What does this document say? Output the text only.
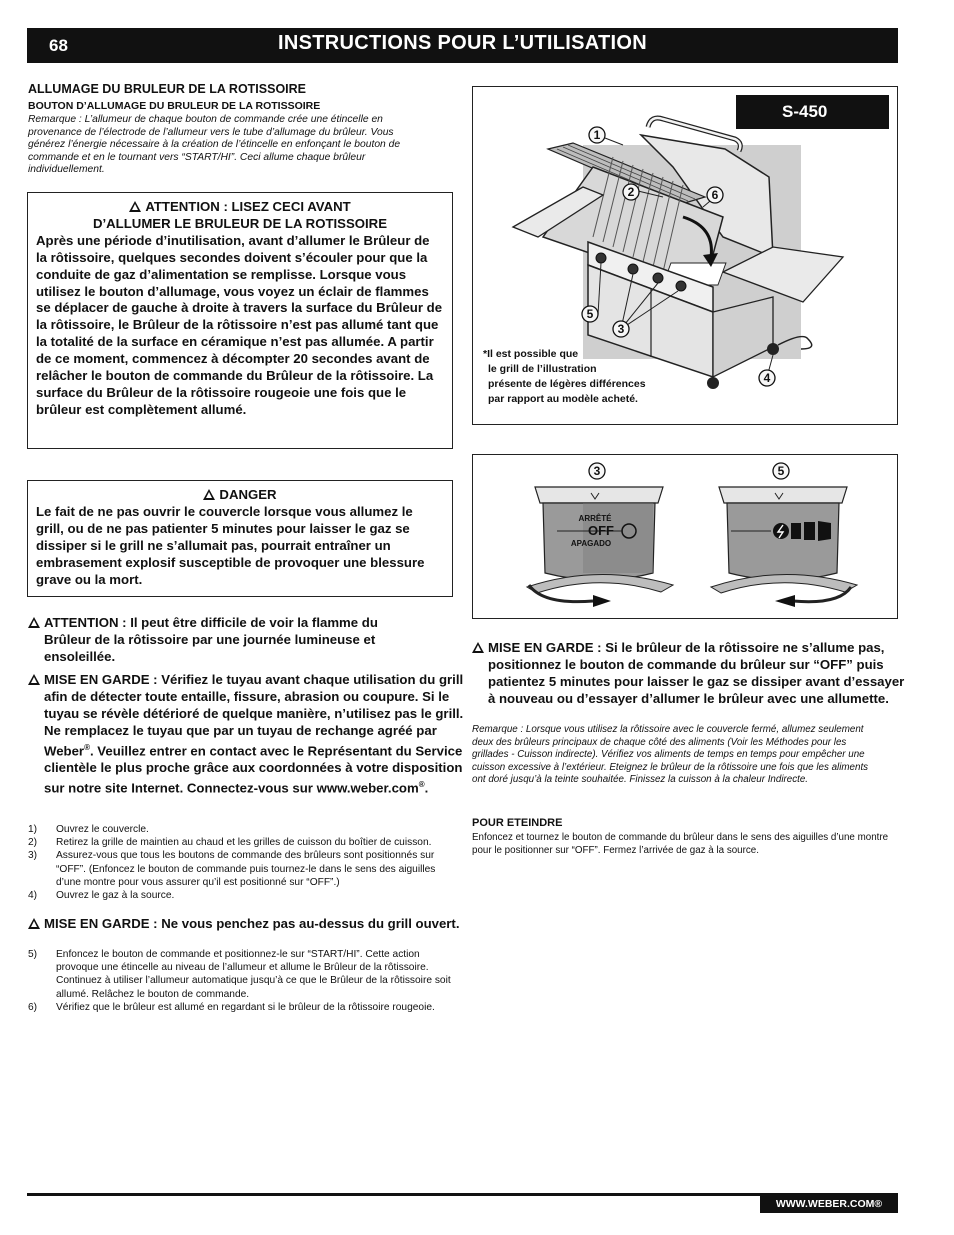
68	INSTRUCTIONS POUR L’UTILISATION
ALLUMAGE DU BRULEUR DE LA ROTISSOIRE
BOUTON D’ALLUMAGE DU BRULEUR DE LA ROTISSOIRE
Remarque : L’allumeur de chaque bouton de commande crée une étincelle en provenance de l’électrode de l’allumeur vers le tube d’allumage du brûleur. Vous générez l’énergie nécessaire à la création de l’étincelle en enfonçant le bouton de commande et en le tournant vers “START/HI”. Ceci allume chaque brûleur individuellement.
ATTENTION : LISEZ CECI AVANT
D’ALLUMER LE BRULEUR DE LA ROTISSOIRE
Après une période d’inutilisation, avant d’allumer le Brûleur de la rôtissoire, quelques secondes doivent s’écouler pour que la conduite de gaz d’alimentation se remplisse. Lorsque vous utilisez le bouton d’allumage, vous voyez un éclair de flammes se déplacer de gauche à droite à travers la surface du Brûleur de la rôtissoire, le Brûleur de la rôtissoire n’est pas allumé tant que la totalité de la surface en céramique n’est pas allumée. A partir de ce moment, commencez à décompter 20 secondes avant de relâcher le bouton de commande du Brûleur de la rôtissoire. La surface du Brûleur de la rôtissoire rougeoie une fois que le brûleur est complètement allumé.
DANGER
Le fait de ne pas ouvrir le couvercle lorsque vous allumez le grill, ou de ne pas patienter 5 minutes pour laisser le gaz se dissiper si le grill ne s’allumait pas, pourrait entraîner un embrasement explosif susceptible de provoquer une blessure grave ou la mort.
ATTENTION : Il peut être difficile de voir la flamme du Brûleur de la rôtissoire par une journée lumineuse et ensoleillée.
MISE EN GARDE : Vérifiez le tuyau avant chaque utilisation du grill afin de détecter toute entaille, fissure, abrasion ou coupure. Si le tuyau se révèle détérioré de quelque manière, n’utilisez pas le grill. Ne remplacez le tuyau que par un tuyau de rechange agréé par Weber®. Veuillez entrer en contact avec le Représentant du Service clientèle le plus proche grâce aux coordonnées à votre disposition sur notre site Internet. Connectez-vous sur www.weber.com®.
1)	Ouvrez le couvercle.
2)	Retirez la grille de maintien au chaud et les grilles de cuisson du boîtier de cuisson.
3)	Assurez-vous que tous les boutons de commande des brûleurs sont positionnés sur “OFF”. (Enfoncez le bouton de commande puis tournez-le dans le sens des aiguilles d’une montre pour vous assurer qu’il est positionné sur “OFF”.)
4)	Ouvrez le gaz à la source.
MISE EN GARDE : Ne vous penchez pas au-dessus du grill ouvert.
5)	Enfoncez le bouton de commande et positionnez-le sur “START/HI”. Cette action provoque une étincelle au niveau de l’allumeur et allume le Brûleur de la rôtissoire. Continuez à utiliser l’allumeur automatique jusqu’à ce que le Brûleur de la rôtissoire soit allumé. Relâchez le bouton de commande.
6)	Vérifiez que le brûleur est allumé en regardant si le brûleur de la rôtissoire rougeoie.
S-450
1
2
3
4
5
6
*Il est possible que
le grill de l’illustration
présente de légères différences
par rapport au modèle acheté.
3	5
ARRÊTÉ
OFF
APAGADO
MISE EN GARDE : Si le brûleur de la rôtissoire ne s’allume pas, positionnez le bouton de commande du brûleur sur “OFF” puis patientez 5 minutes pour laisser le gaz se dissiper avant d’essayer à nouveau ou d’essayer d’allumer le brûleur avec une allumette.
Remarque : Lorsque vous utilisez la rôtissoire avec le couvercle fermé, allumez seulement deux des brûleurs principaux de chaque côté des aliments (Voir les Méthodes pour les grillades - Cuisson indirecte). Vérifiez vos aliments de temps en temps pour empêcher une cuisson excessive à l’extérieur. Eteignez le brûleur de la rôtissoire une fois que les aliments ont doré jusqu’à la teinte souhaitée. Finissez la cuisson à la chaleur Indirecte.
POUR ETEINDRE
Enfoncez et tournez le bouton de commande du brûleur dans le sens des aiguilles d’une montre pour le positionner sur “OFF”. Fermez l’arrivée de gaz à la source.
WWW.WEBER.COM®
